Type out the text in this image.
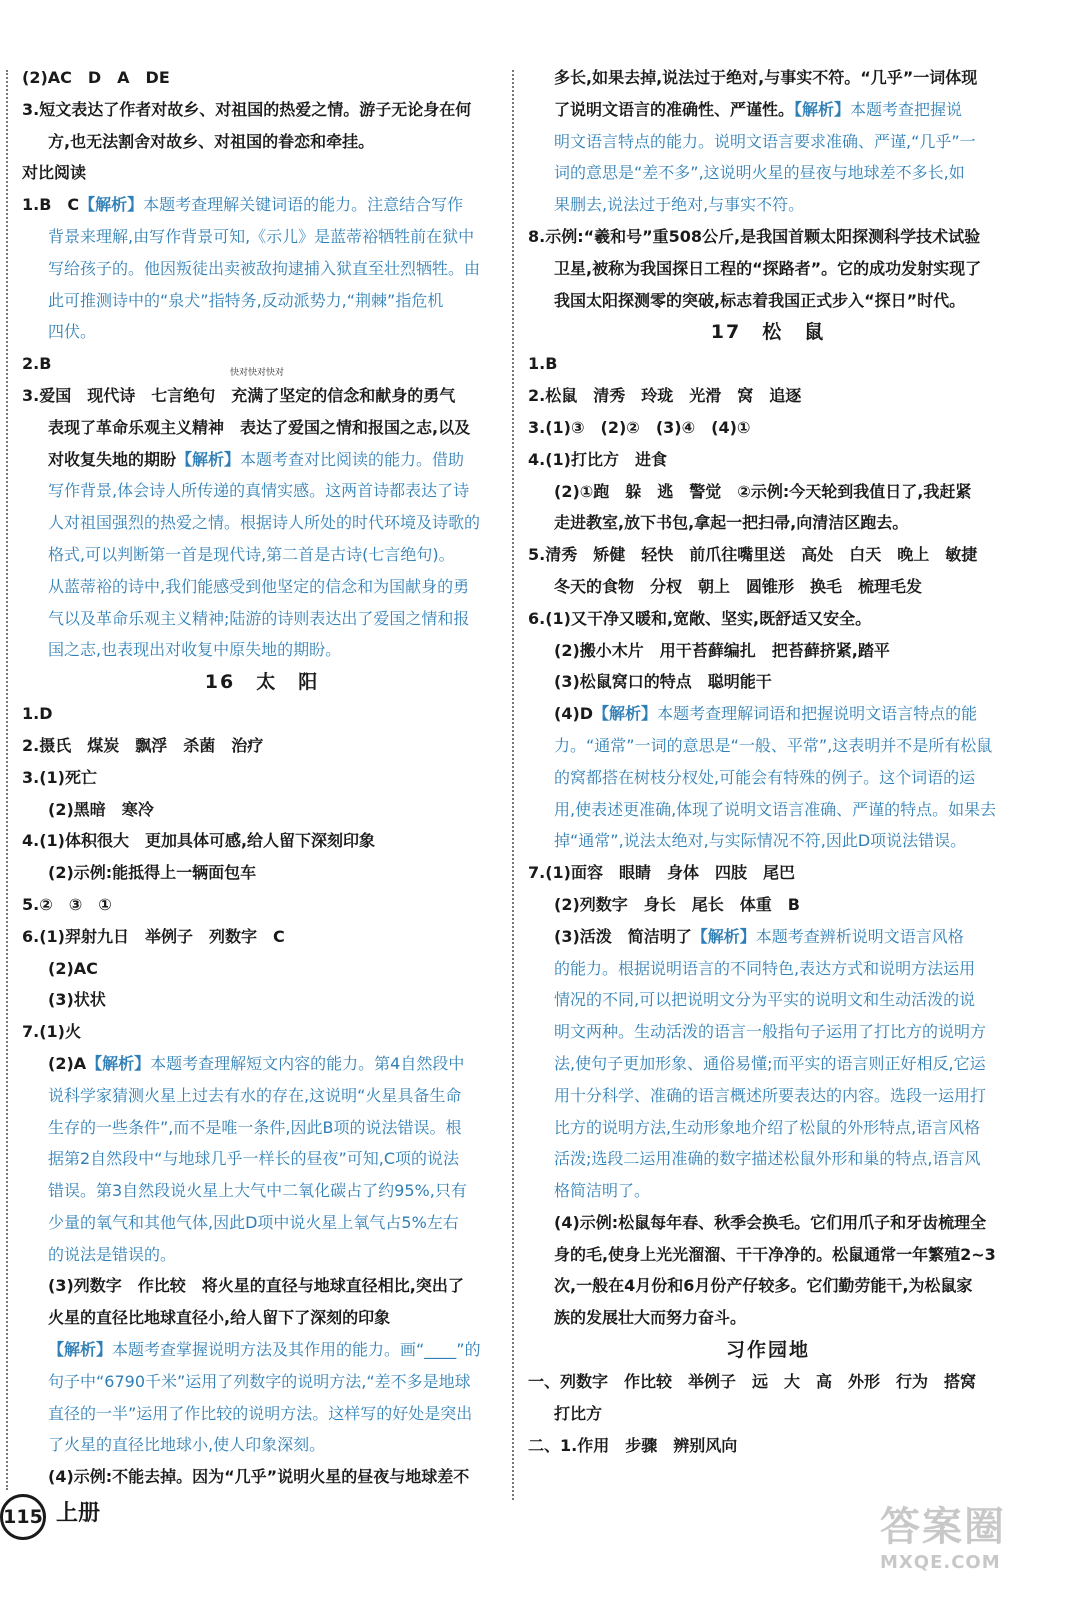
(2)AC　D　A　DE
3.短文表达了作者对故乡、对祖国的热爱之情。游子无论身在何
方,也无法割舍对故乡、对祖国的眷恋和牵挂。
对比阅读
1.B　C【解析】本题考查理解关键词语的能力。注意结合写作
背景来理解,由写作背景可知,《示儿》是蓝蒂裕牺牲前在狱中
写给孩子的。他因叛徒出卖被敌拘逮捕入狱直至壮烈牺牲。由
此可推测诗中的“泉犬”指特务,反动派势力,“荆棘”指危机
四伏。
2.B
3.爱国　现代诗　七言绝句　充满了坚定的信念和献身的勇气
表现了革命乐观主义精神　表达了爱国之情和报国之志,以及
对收复失地的期盼【解析】本题考查对比阅读的能力。借助
写作背景,体会诗人所传递的真情实感。这两首诗都表达了诗
人对祖国强烈的热爱之情。根据诗人所处的时代环境及诗歌的
格式,可以判断第一首是现代诗,第二首是古诗(七言绝句)。
从蓝蒂裕的诗中,我们能感受到他坚定的信念和为国献身的勇
气以及革命乐观主义精神;陆游的诗则表达出了爱国之情和报
国之志,也表现出对收复中原失地的期盼。
16　太　阳
1.D
2.摄氏　煤炭　飘浮　杀菌　治疗
3.(1)死亡
(2)黑暗　寒冷
4.(1)体积很大　更加具体可感,给人留下深刻印象
(2)示例:能抵得上一辆面包车
5.②　③　①
6.(1)羿射九日　举例子　列数字　C
(2)AC
(3)状状
7.(1)火
(2)A【解析】本题考查理解短文内容的能力。第4自然段中
说科学家猜测火星上过去有水的存在,这说明“火星具备生命
生存的一些条件”,而不是唯一条件,因此B项的说法错误。根
据第2自然段中“与地球几乎一样长的昼夜”可知,C项的说法
错误。第3自然段说火星上大气中二氧化碳占了约95%,只有
少量的氧气和其他气体,因此D项中说火星上氧气占5%左右
的说法是错误的。
(3)列数字　作比较　将火星的直径与地球直径相比,突出了
火星的直径比地球直径小,给人留下了深刻的印象
【解析】本题考查掌握说明方法及其作用的能力。画“____”的
句子中“6790千米”运用了列数字的说明方法,“差不多是地球
直径的一半”运用了作比较的说明方法。这样写的好处是突出
了火星的直径比地球小,使人印象深刻。
(4)示例:不能去掉。因为“几乎”说明火星的昼夜与地球差不
多长,如果去掉,说法过于绝对,与事实不符。“几乎”一词体现
了说明文语言的准确性、严谨性。【解析】本题考查把握说
明文语言特点的能力。说明文语言要求准确、严谨,“几乎”一
词的意思是“差不多”,这说明火星的昼夜与地球差不多长,如
果删去,说法过于绝对,与事实不符。
8.示例:“羲和号”重508公斤,是我国首颗太阳探测科学技术试验
卫星,被称为我国探日工程的“探路者”。它的成功发射实现了
我国太阳探测零的突破,标志着我国正式步入“探日”时代。
17　松　鼠
1.B
2.松鼠　清秀　玲珑　光滑　窝　追逐
3.(1)③　(2)②　(3)④　(4)①
4.(1)打比方　进食
(2)①跑　躲　逃　警觉　②示例:今天轮到我值日了,我赶紧
走进教室,放下书包,拿起一把扫帚,向清洁区跑去。
5.清秀　矫健　轻快　前爪往嘴里送　高处　白天　晚上　敏捷
冬天的食物　分杈　朝上　圆锥形　换毛　梳理毛发
6.(1)又干净又暖和,宽敞、坚实,既舒适又安全。
(2)搬小木片　用干苔藓编扎　把苔藓挤紧,踏平
(3)松鼠窝口的特点　聪明能干
(4)D【解析】本题考查理解词语和把握说明文语言特点的能
力。“通常”一词的意思是“一般、平常”,这表明并不是所有松鼠
的窝都搭在树枝分杈处,可能会有特殊的例子。这个词语的运
用,使表述更准确,体现了说明文语言准确、严谨的特点。如果去
掉“通常”,说法太绝对,与实际情况不符,因此D项说法错误。
7.(1)面容　眼睛　身体　四肢　尾巴
(2)列数字　身长　尾长　体重　B
(3)活泼　简洁明了【解析】本题考查辨析说明文语言风格
的能力。根据说明语言的不同特色,表达方式和说明方法运用
情况的不同,可以把说明文分为平实的说明文和生动活泼的说
明文两种。生动活泼的语言一般指句子运用了打比方的说明方
法,使句子更加形象、通俗易懂;而平实的语言则正好相反,它运
用十分科学、准确的语言概述所要表达的内容。选段一运用打
比方的说明方法,生动形象地介绍了松鼠的外形特点,语言风格
活泼;选段二运用准确的数字描述松鼠外形和巢的特点,语言风
格简洁明了。
(4)示例:松鼠每年春、秋季会换毛。它们用爪子和牙齿梳理全
身的毛,使身上光光溜溜、干干净净的。松鼠通常一年繁殖2~3
次,一般在4月份和6月份产仔较多。它们勤劳能干,为松鼠家
族的发展壮大而努力奋斗。
习作园地
一、列数字　作比较　举例子　远　大　高　外形　行为　搭窝
打比方
二、1.作用　步骤　辨别风向
快对快对快对
115 上册	答案圈
MXQE.COM
